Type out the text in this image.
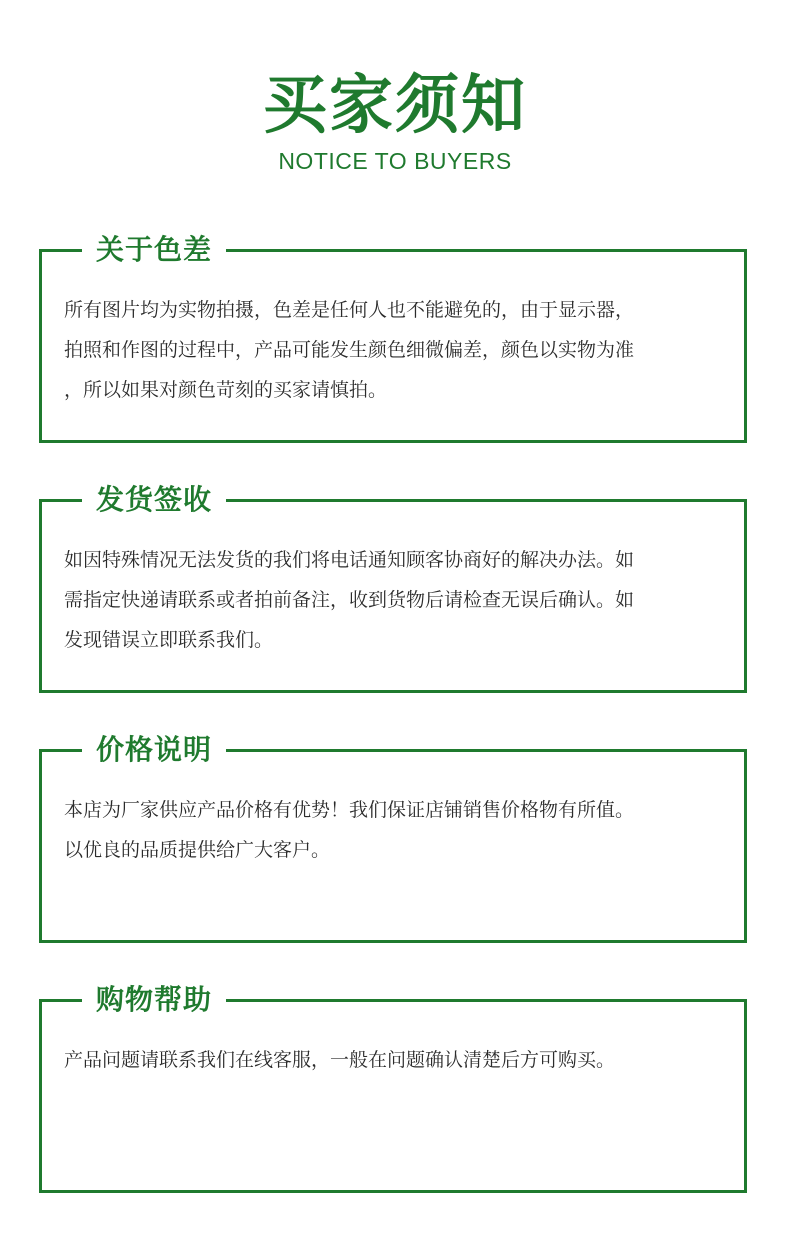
买家须知
NOTICE TO BUYERS
关于色差

所有图片均为实物拍摄，色差是任何人也不能避免的，由于显示器，

拍照和作图的过程中，产品可能发生颜色细微偏差，颜色以实物为准

，所以如果对颜色苛刻的买家请慎拍。

发货签收

如因特殊情况无法发货的我们将电话通知顾客协商好的解决办法。如

需指定快递请联系或者拍前备注，收到货物后请检查无误后确认。如

发现错误立即联系我们。

价格说明

本店为厂家供应产品价格有优势！我们保证店铺销售价格物有所值。

以优良的品质提供给广大客户。

购物帮助

产品问题请联系我们在线客服，一般在问题确认清楚后方可购买。
